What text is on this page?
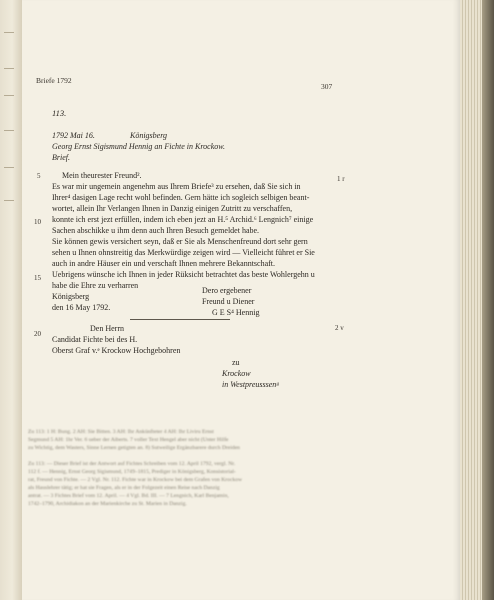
Briefe 1792
307
113.
1792 Mai 16.	Königsberg
Georg Ernst Sigismund Hennig an Fichte in Krockow.
Brief.
5
10
15
20
1 r
2 v
Mein theurester Freund².
Es war mir ungemein angenehm aus Ihrem Briefe³ zu ersehen, daß Sie sich in
Ihrer⁴ dasigen Lage recht wohl befinden. Gern hätte ich sogleich selbigen beant-
wortet, allein Ihr Verlangen Ihnen in Danzig einigen Zutritt zu verschaffen,
konnte ich erst jezt erfüllen, indem ich eben jezt an H.⁵ Archid.⁶ Lengnich⁷ einige
Sachen abschikke u ihm denn auch Ihren Besuch gemeldet habe.
Sie können gewis versichert seyn, daß er Sie als Menschenfreund dort sehr gern
sehen u Ihnen ohnstreitig das Merkwürdige zeigen wird — Vielleicht führet er Sie
auch in andre Häuser ein und verschaft Ihnen mehrere Bekanntschaft.
Uebrigens wünsche ich Ihnen in jeder Rüksicht betrachtet das beste Wohlergehn u
habe die Ehre zu verharren
Dero ergebener
Königsberg
Freund u Diener
den 16 May 1792.
G E S⁴ Hennig
Den Herrn
Candidat Fichte bei des H.
Oberst Graf v.ᵉ Krockow Hochgebohren
zu
Krockow
in Westpreusssenᵍ
Zu 113: 1 H: Bung. 2 AH: Sie Bitten. 3 AH: Ihr Ankünfteter 4 AH: Ihr Liviru Ernst
Segmund 5 AH: 1hr Ver. 6 ueber der Aiberts. 7 voller Text Hengel aber nicht (Unter Hilfe
zu Wichtig, dem Wasters, Sinne Lernen getigten an. 8) Sutweilige Ergänzbarere durch Dreiden

Zu 113: — Dieser Brief ist der Antwort auf Fichtes Schreiben vom 12. April 1792, vergl. Nr.
112 f. — Hennig, Ernst Georg Sigismund, 1749–1815, Prediger in Königsberg, Konsistorial-
rat, Freund von Fichte. — 2 Vgl. Nr. 112. Fichte war in Krockow bei dem Grafen von Krockow
als Hauslehrer tätig; er hat sie Fragen, als er in der Folgezeit einen Reise nach Danzig
antrat. — 3 Fichtes Brief vom 12. April. — 4 Vgl. Bd. III. — 7 Lengnich, Karl Benjamin,
1742–1790, Archidiakon an der Marienkirche zu St. Marien in Danzig.
